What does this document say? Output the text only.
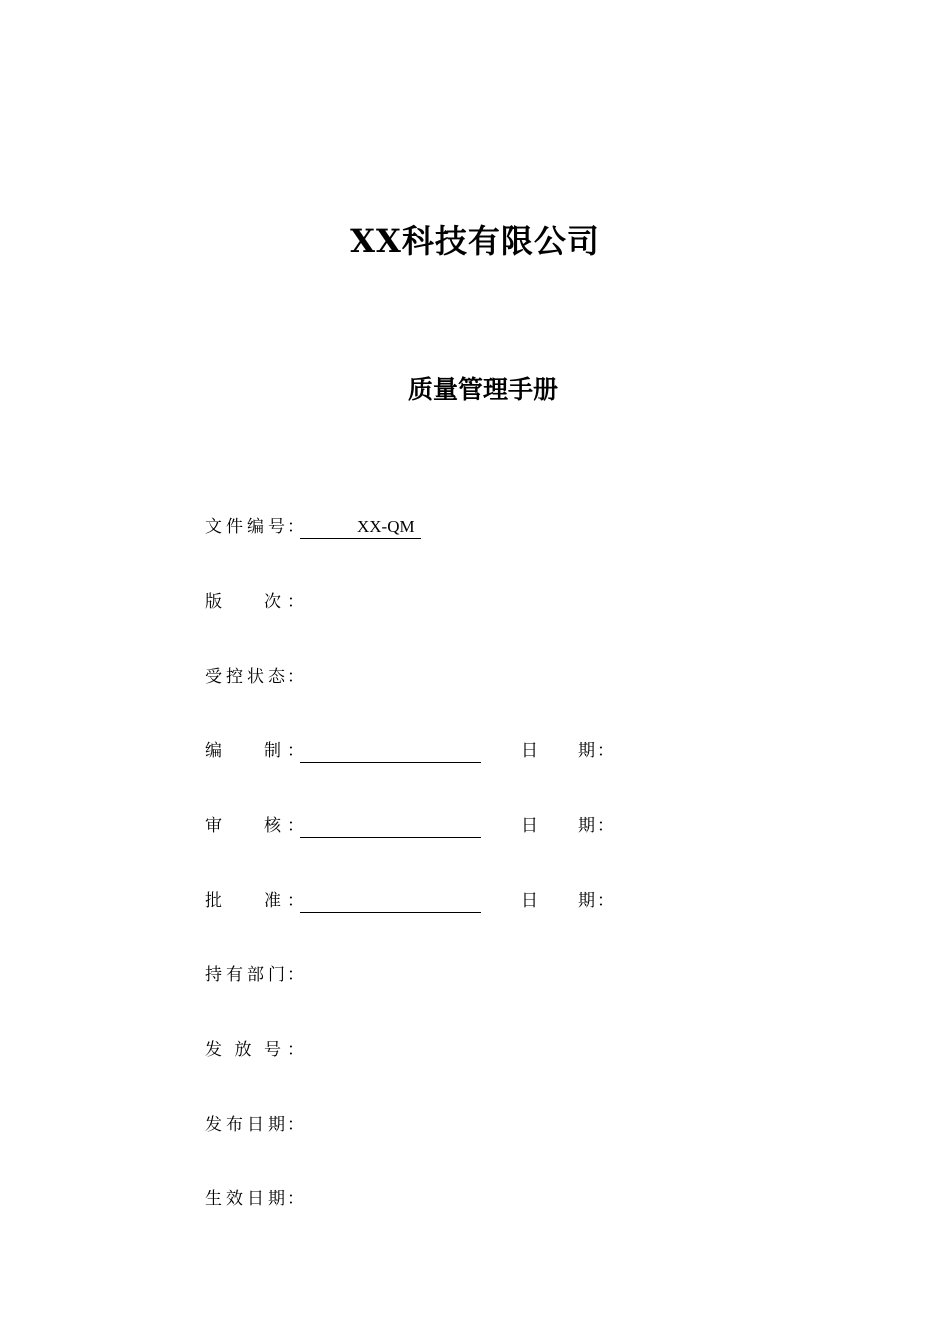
XX科技有限公司
质量管理手册
文 件 编 号 ：	XX-QM
版 次 ：
受 控 状 态 ：
编 制 ：	日 期 ：
审 核 ：	日 期 ：
批 准 ：	日 期 ：
持 有 部 门 ：
发 放 号 ：
发 布 日 期 ：
生 效 日 期 ：
